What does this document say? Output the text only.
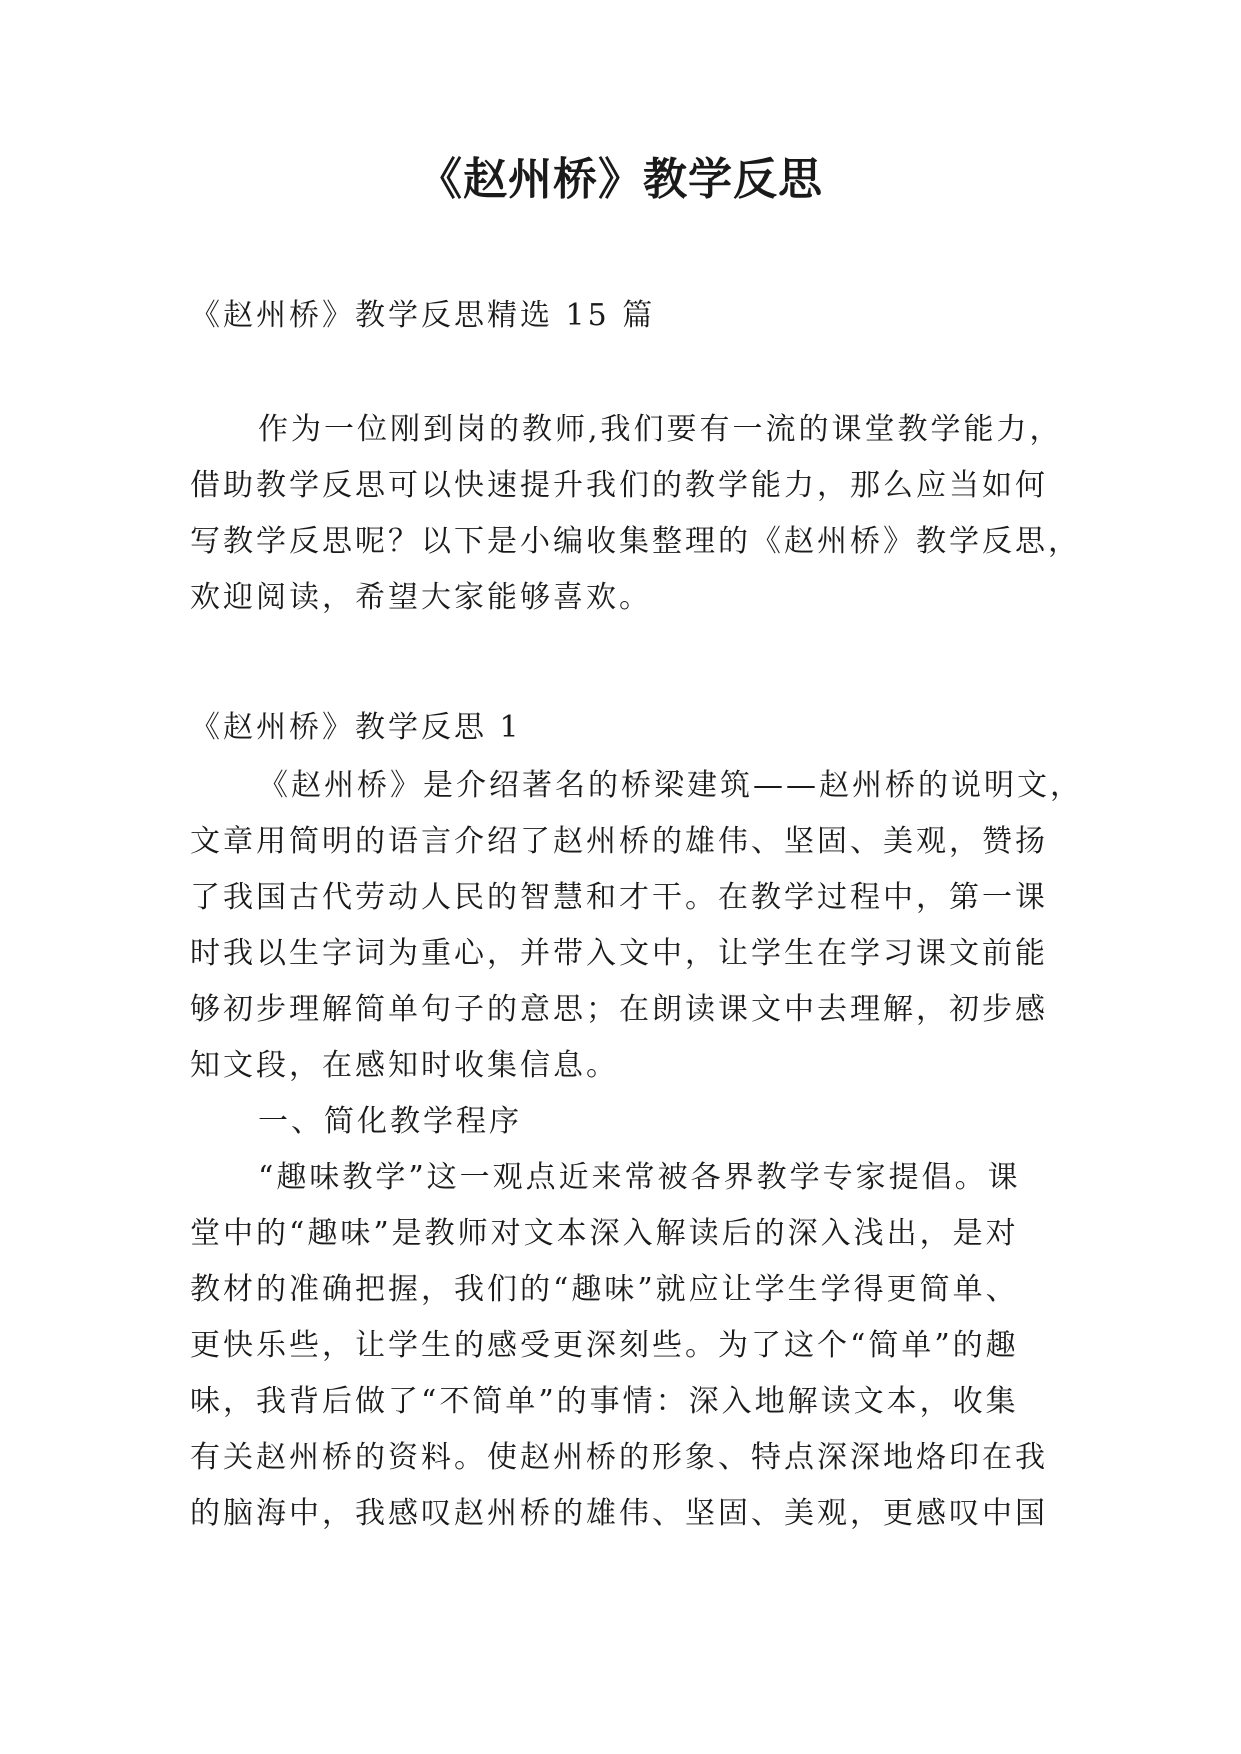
《赵州桥》教学反思

《赵州桥》教学反思精选 15 篇

作为一位刚到岗的教师,我们要有一流的课堂教学能力，
借助教学反思可以快速提升我们的教学能力，那么应当如何
写教学反思呢？以下是小编收集整理的《赵州桥》教学反思，
欢迎阅读，希望大家能够喜欢。

《赵州桥》教学反思 1

《赵州桥》是介绍著名的桥梁建筑——赵州桥的说明文，
文章用简明的语言介绍了赵州桥的雄伟、坚固、美观，赞扬
了我国古代劳动人民的智慧和才干。在教学过程中，第一课
时我以生字词为重心，并带入文中，让学生在学习课文前能
够初步理解简单句子的意思；在朗读课文中去理解，初步感
知文段，在感知时收集信息。

一、简化教学程序

“趣味教学”这一观点近来常被各界教学专家提倡。课
堂中的“趣味”是教师对文本深入解读后的深入浅出，是对
教材的准确把握，我们的“趣味”就应让学生学得更简单、
更快乐些，让学生的感受更深刻些。为了这个“简单”的趣
味，我背后做了“不简单”的事情：深入地解读文本，收集
有关赵州桥的资料。使赵州桥的形象、特点深深地烙印在我
的脑海中，我感叹赵州桥的雄伟、坚固、美观，更感叹中国
